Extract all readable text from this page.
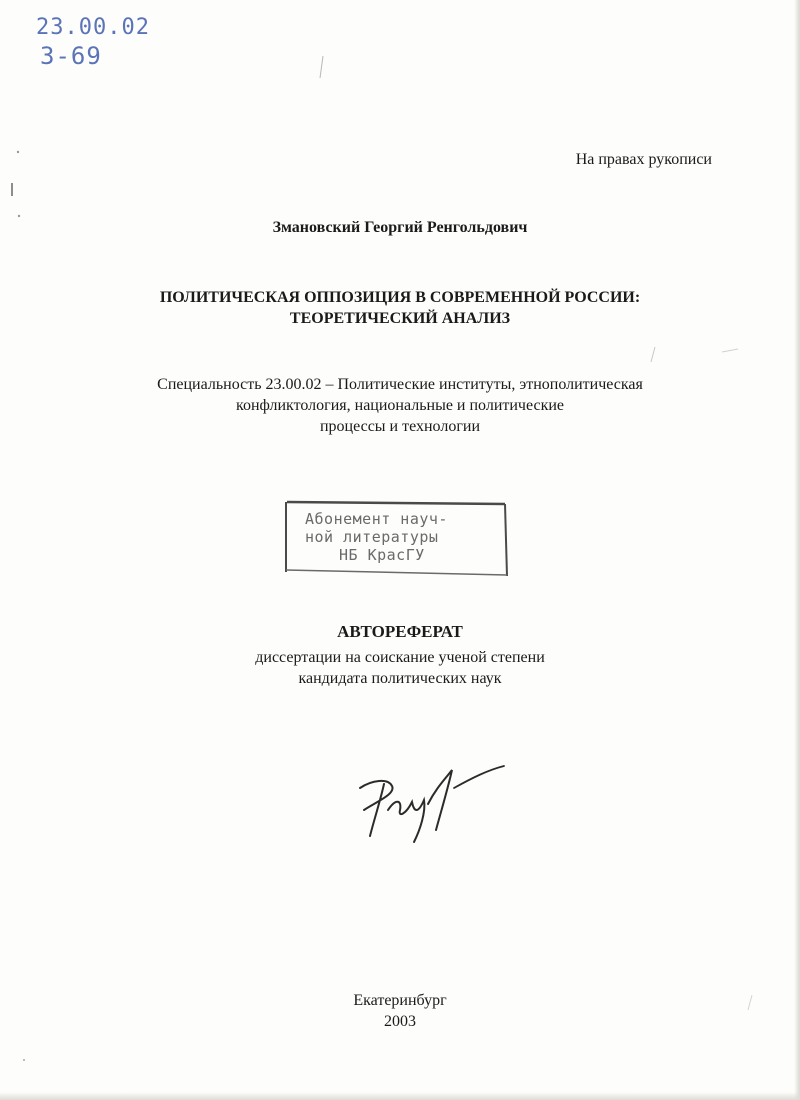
23.00.02
З-69
На правах рукописи
Змановский Георгий Ренгольдович
ПОЛИТИЧЕСКАЯ ОППОЗИЦИЯ В СОВРЕМЕННОЙ РОССИИ:
ТЕОРЕТИЧЕСКИЙ АНАЛИЗ
Специальность 23.00.02 – Политические институты, этнополитическая
конфликтология, национальные и политические
процессы и технологии
Абонемент науч-
ной литературы
НБ КрасГУ
АВТОРЕФЕРАТ
диссертации на соискание ученой степени
кандидата политических наук
Екатеринбург
2003
